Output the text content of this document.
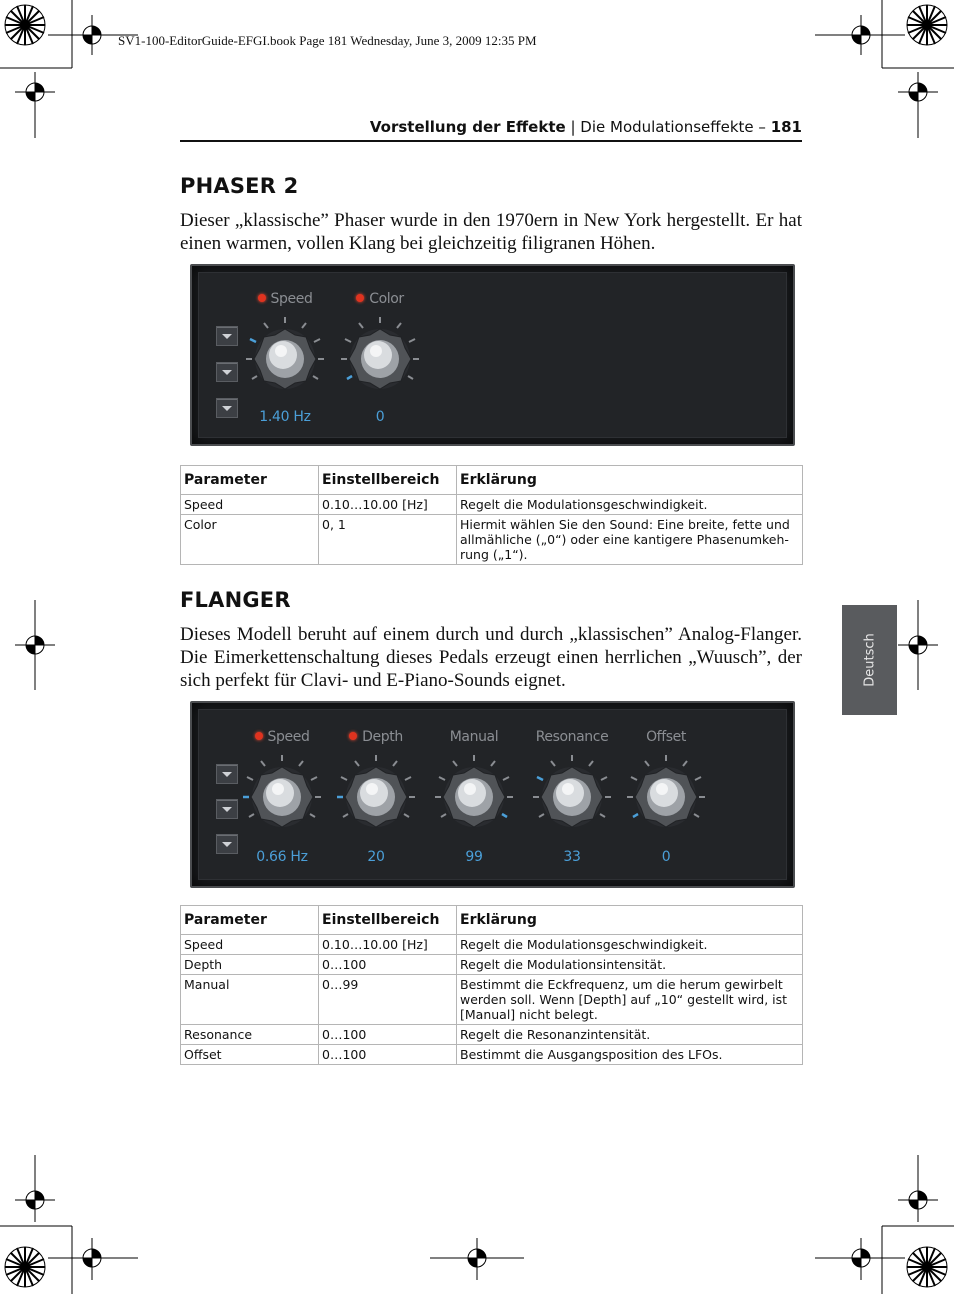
SV1-100-EditorGuide-EFGI.book Page 181 Wednesday, June 3, 2009 12:35 PM
Vorstellung der Effekte | Die Modulationseffekte – 181
Deutsch
PHASER 2

Dieser „klassische” Phaser wurde in den 1970ern in New York hergestellt. Er hat einen warmen, vollen Klang bei gleichzeitig filigranen Höhen.

Speed
1.40 Hz
Color
0
Parameter	Einstellbereich	Erklärung
Speed	0.10…10.00 [Hz]	Regelt die Modulationsgeschwindigkeit.
Color	0, 1	Hiermit wählen Sie den Sound: Eine breite, fette und allmähliche („0“) oder eine kantigere Phasenumkeh-rung („1“).
FLANGER

Dieses Modell beruht auf einem durch und durch „klassischen” Analog-Flanger. Die Eimerkettenschaltung dieses Pedals erzeugt einen herrlichen „Wuusch”, der sich perfekt für Clavi- und E-Piano-Sounds eignet.

Speed
0.66 Hz
Depth
20
Manual
99
Resonance
33
Offset
0
Parameter	Einstellbereich	Erklärung
Speed	0.10…10.00 [Hz]	Regelt die Modulationsgeschwindigkeit.
Depth	0…100	Regelt die Modulationsintensität.
Manual	0…99	Bestimmt die Eckfrequenz, um die herum gewirbelt werden soll. Wenn [Depth] auf „10“ gestellt wird, ist [Manual] nicht belegt.
Resonance	0…100	Regelt die Resonanzintensität.
Offset	0…100	Bestimmt die Ausgangsposition des LFOs.
